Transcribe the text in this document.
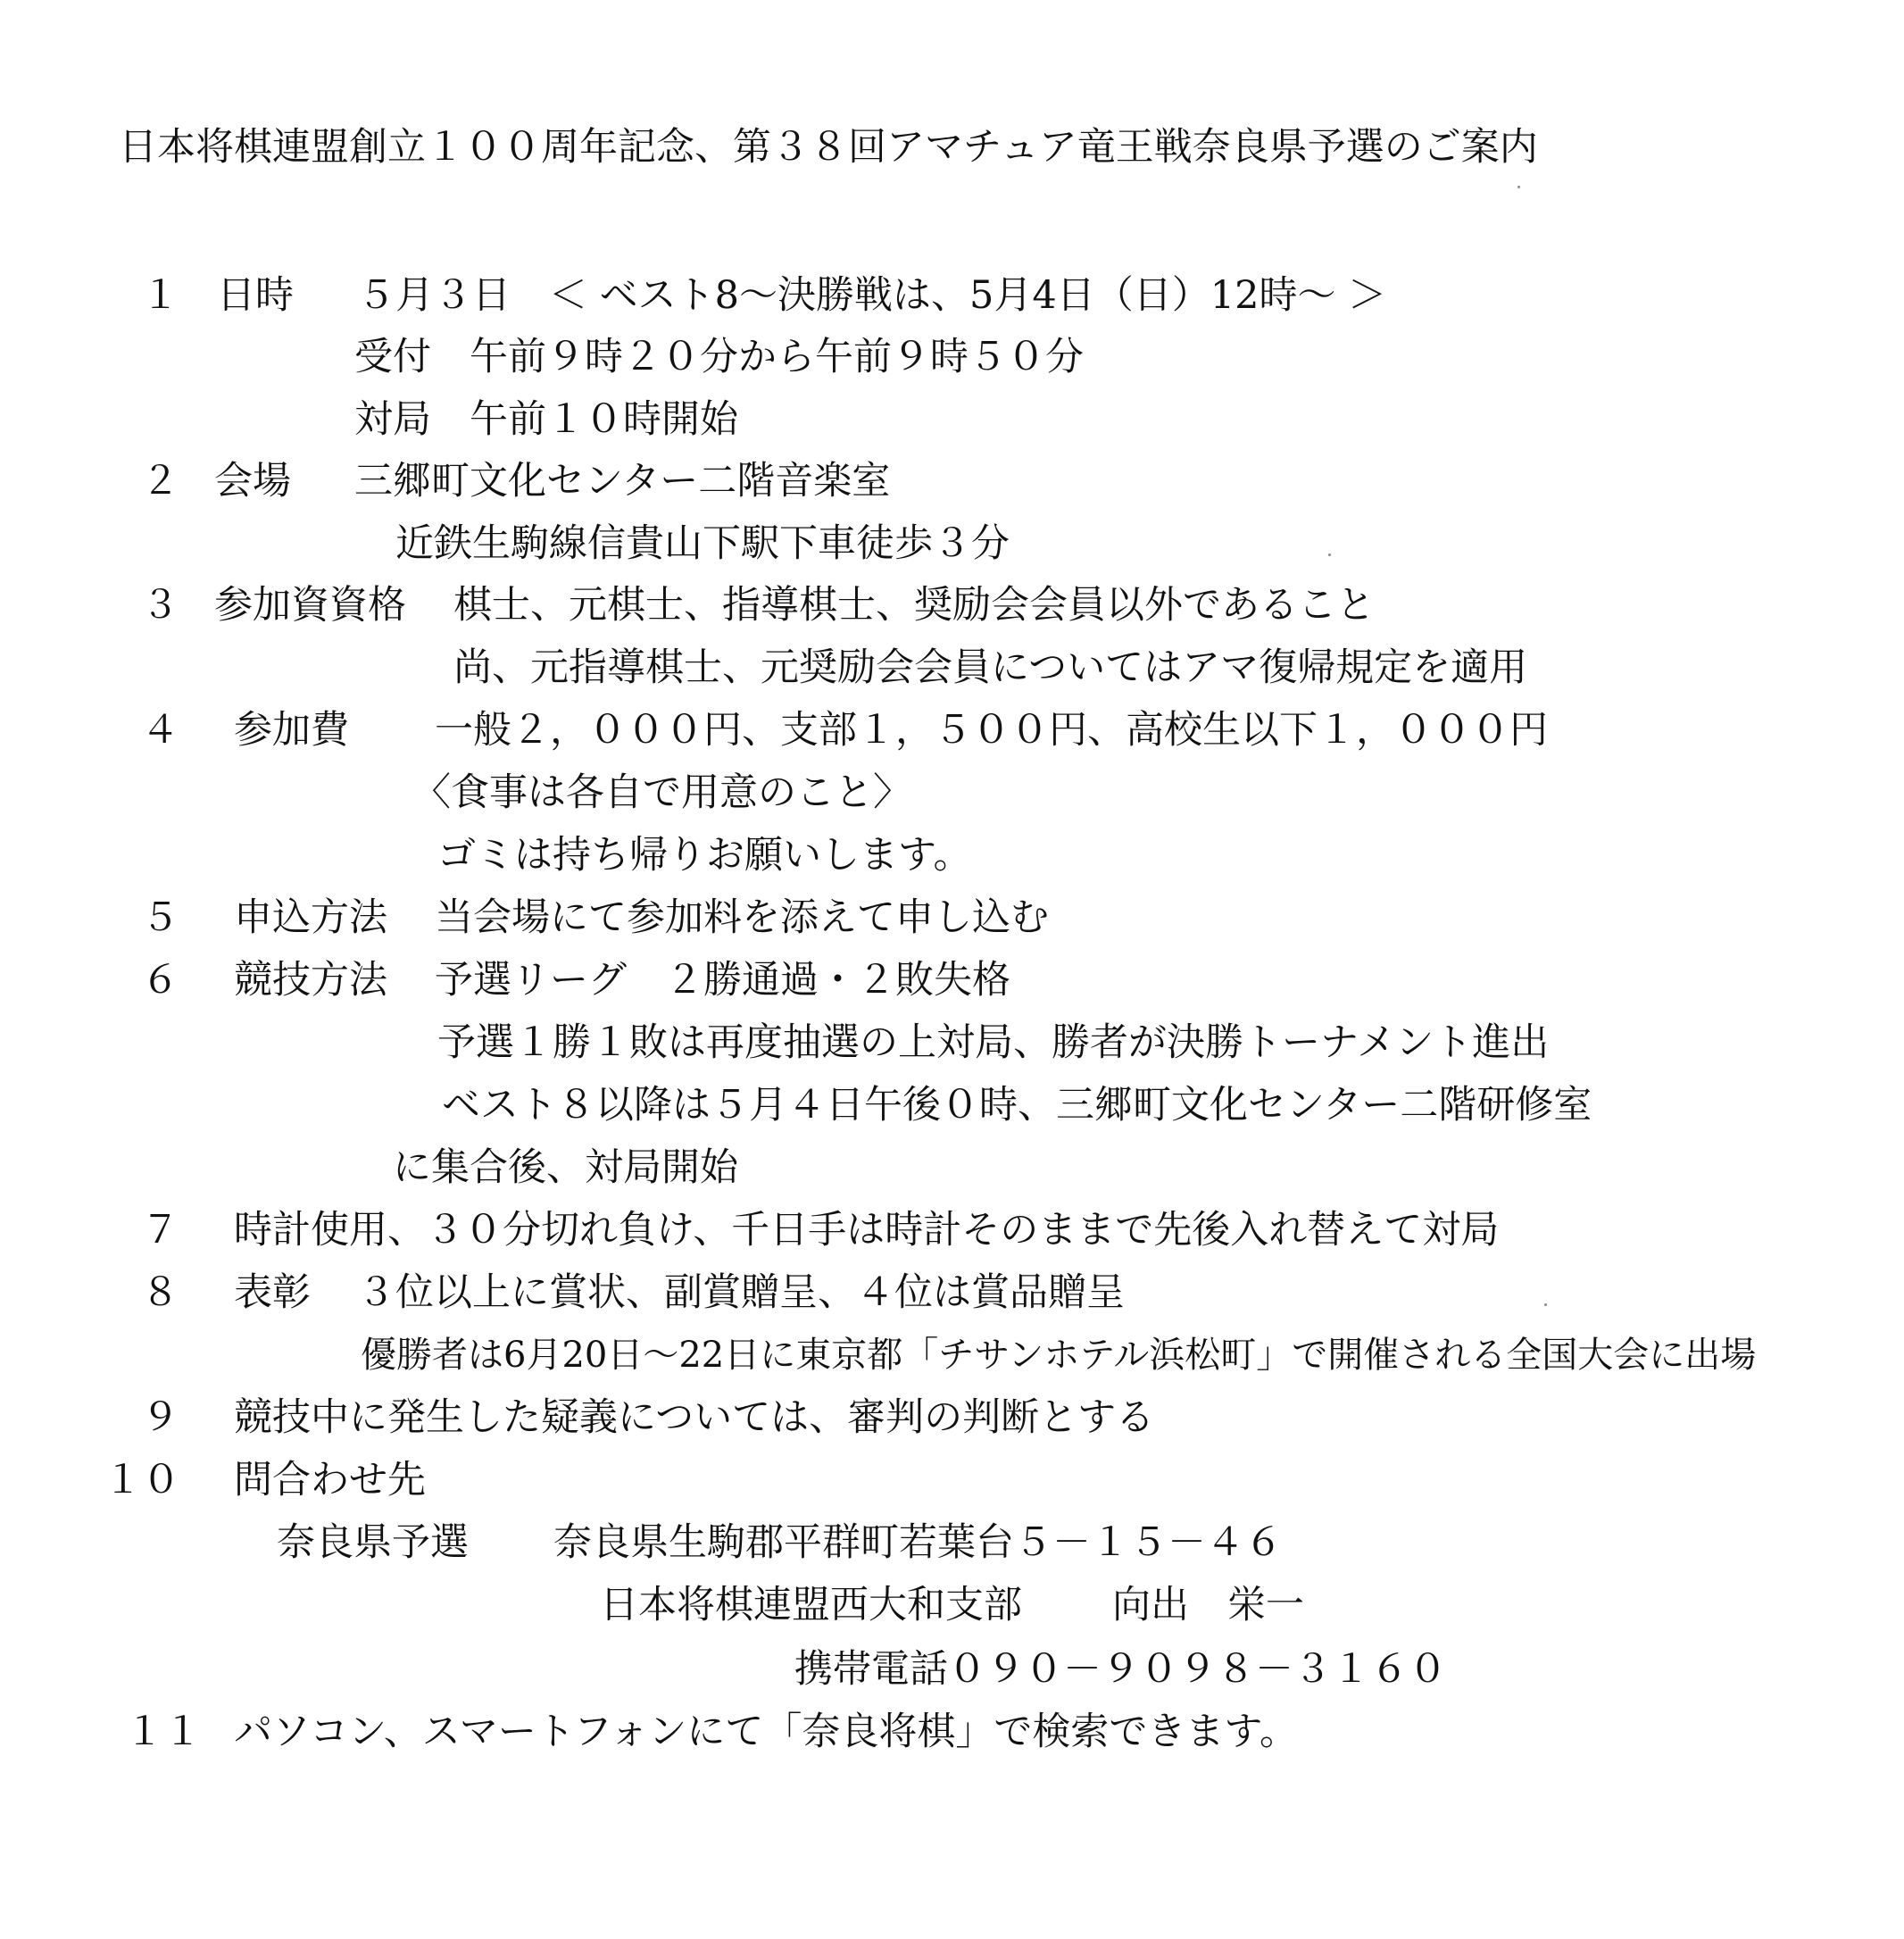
日本将棋連盟創立１００周年記念、第３８回アマチュア竜王戦奈良県予選のご案内
１ 日時 ５月３日　＜ ベスト8～決勝戦は、5月4日（日）12時～ ＞
受付　午前９時２０分から午前９時５０分
対局　午前１０時開始
２ 会場 三郷町文化センター二階音楽室
近鉄生駒線信貴山下駅下車徒歩３分
３ 参加資資格 棋士、元棋士、指導棋士、奨励会会員以外であること
尚、元指導棋士、元奨励会会員についてはアマ復帰規定を適用
４ 参加費 一般２，０００円、支部１，５００円、高校生以下１，０００円
〈食事は各自で用意のこと〉
ゴミは持ち帰りお願いします。
５ 申込方法 当会場にて参加料を添えて申し込む
６ 競技方法 予選リーグ　２勝通過・２敗失格
予選１勝１敗は再度抽選の上対局、勝者が決勝トーナメント進出
ベスト８以降は５月４日午後０時、三郷町文化センター二階研修室
に集合後、対局開始
７ 時計使用、３０分切れ負け、千日手は時計そのままで先後入れ替えて対局
８ 表彰 ３位以上に賞状、副賞贈呈、４位は賞品贈呈
優勝者は6月20日～22日に東京都「チサンホテル浜松町」で開催される全国大会に出場
９ 競技中に発生した疑義については、審判の判断とする
１０ 問合わせ先
奈良県予選 奈良県生駒郡平群町若葉台５－１５－４６
日本将棋連盟西大和支部 向出　栄一
携帯電話０９０－９０９８－３１６０
１１ パソコン、スマートフォンにて「奈良将棋」で検索できます。
